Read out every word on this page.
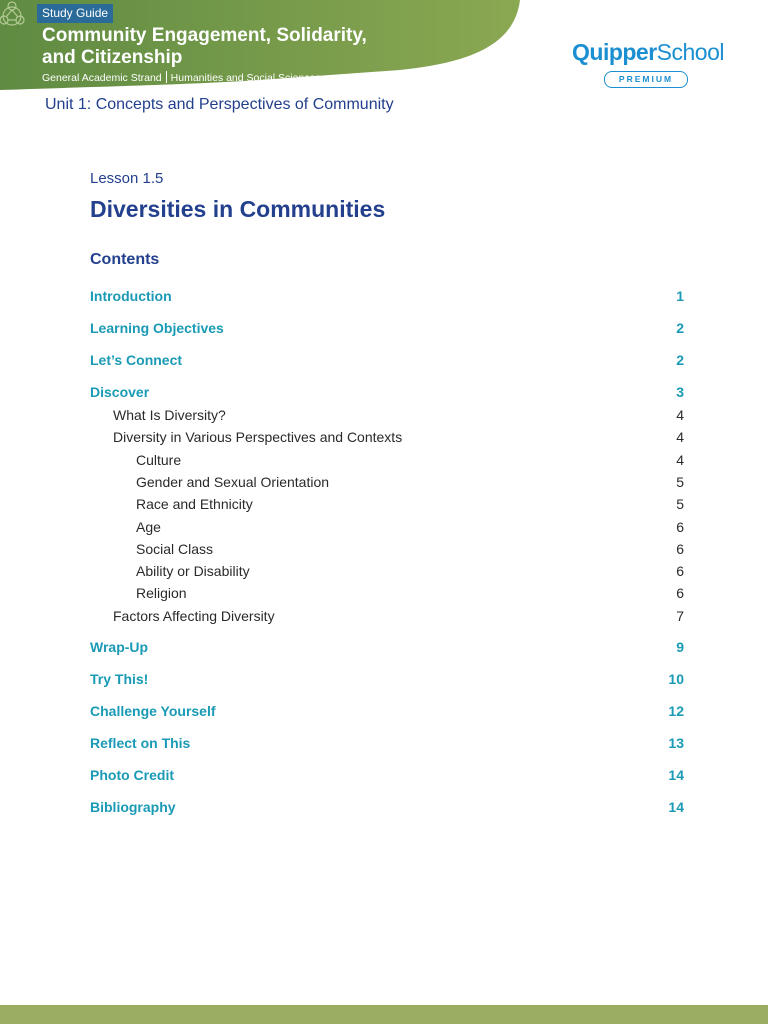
Study Guide
Community Engagement, Solidarity,
and Citizenship
General Academic Strand Humanities and Social Sciences
QuipperSchool
PREMIUM
Unit 1: Concepts and Perspectives of Community
Lesson 1.5
Diversities in Communities
Contents
Introduction	1
Learning Objectives	2
Let’s Connect	2
Discover	3
What Is Diversity?	4
Diversity in Various Perspectives and Contexts	4
Culture	4
Gender and Sexual Orientation	5
Race and Ethnicity	5
Age	6
Social Class	6
Ability or Disability	6
Religion	6
Factors Affecting Diversity	7
Wrap-Up	9
Try This!	10
Challenge Yourself	12
Reflect on This	13
Photo Credit	14
Bibliography	14
